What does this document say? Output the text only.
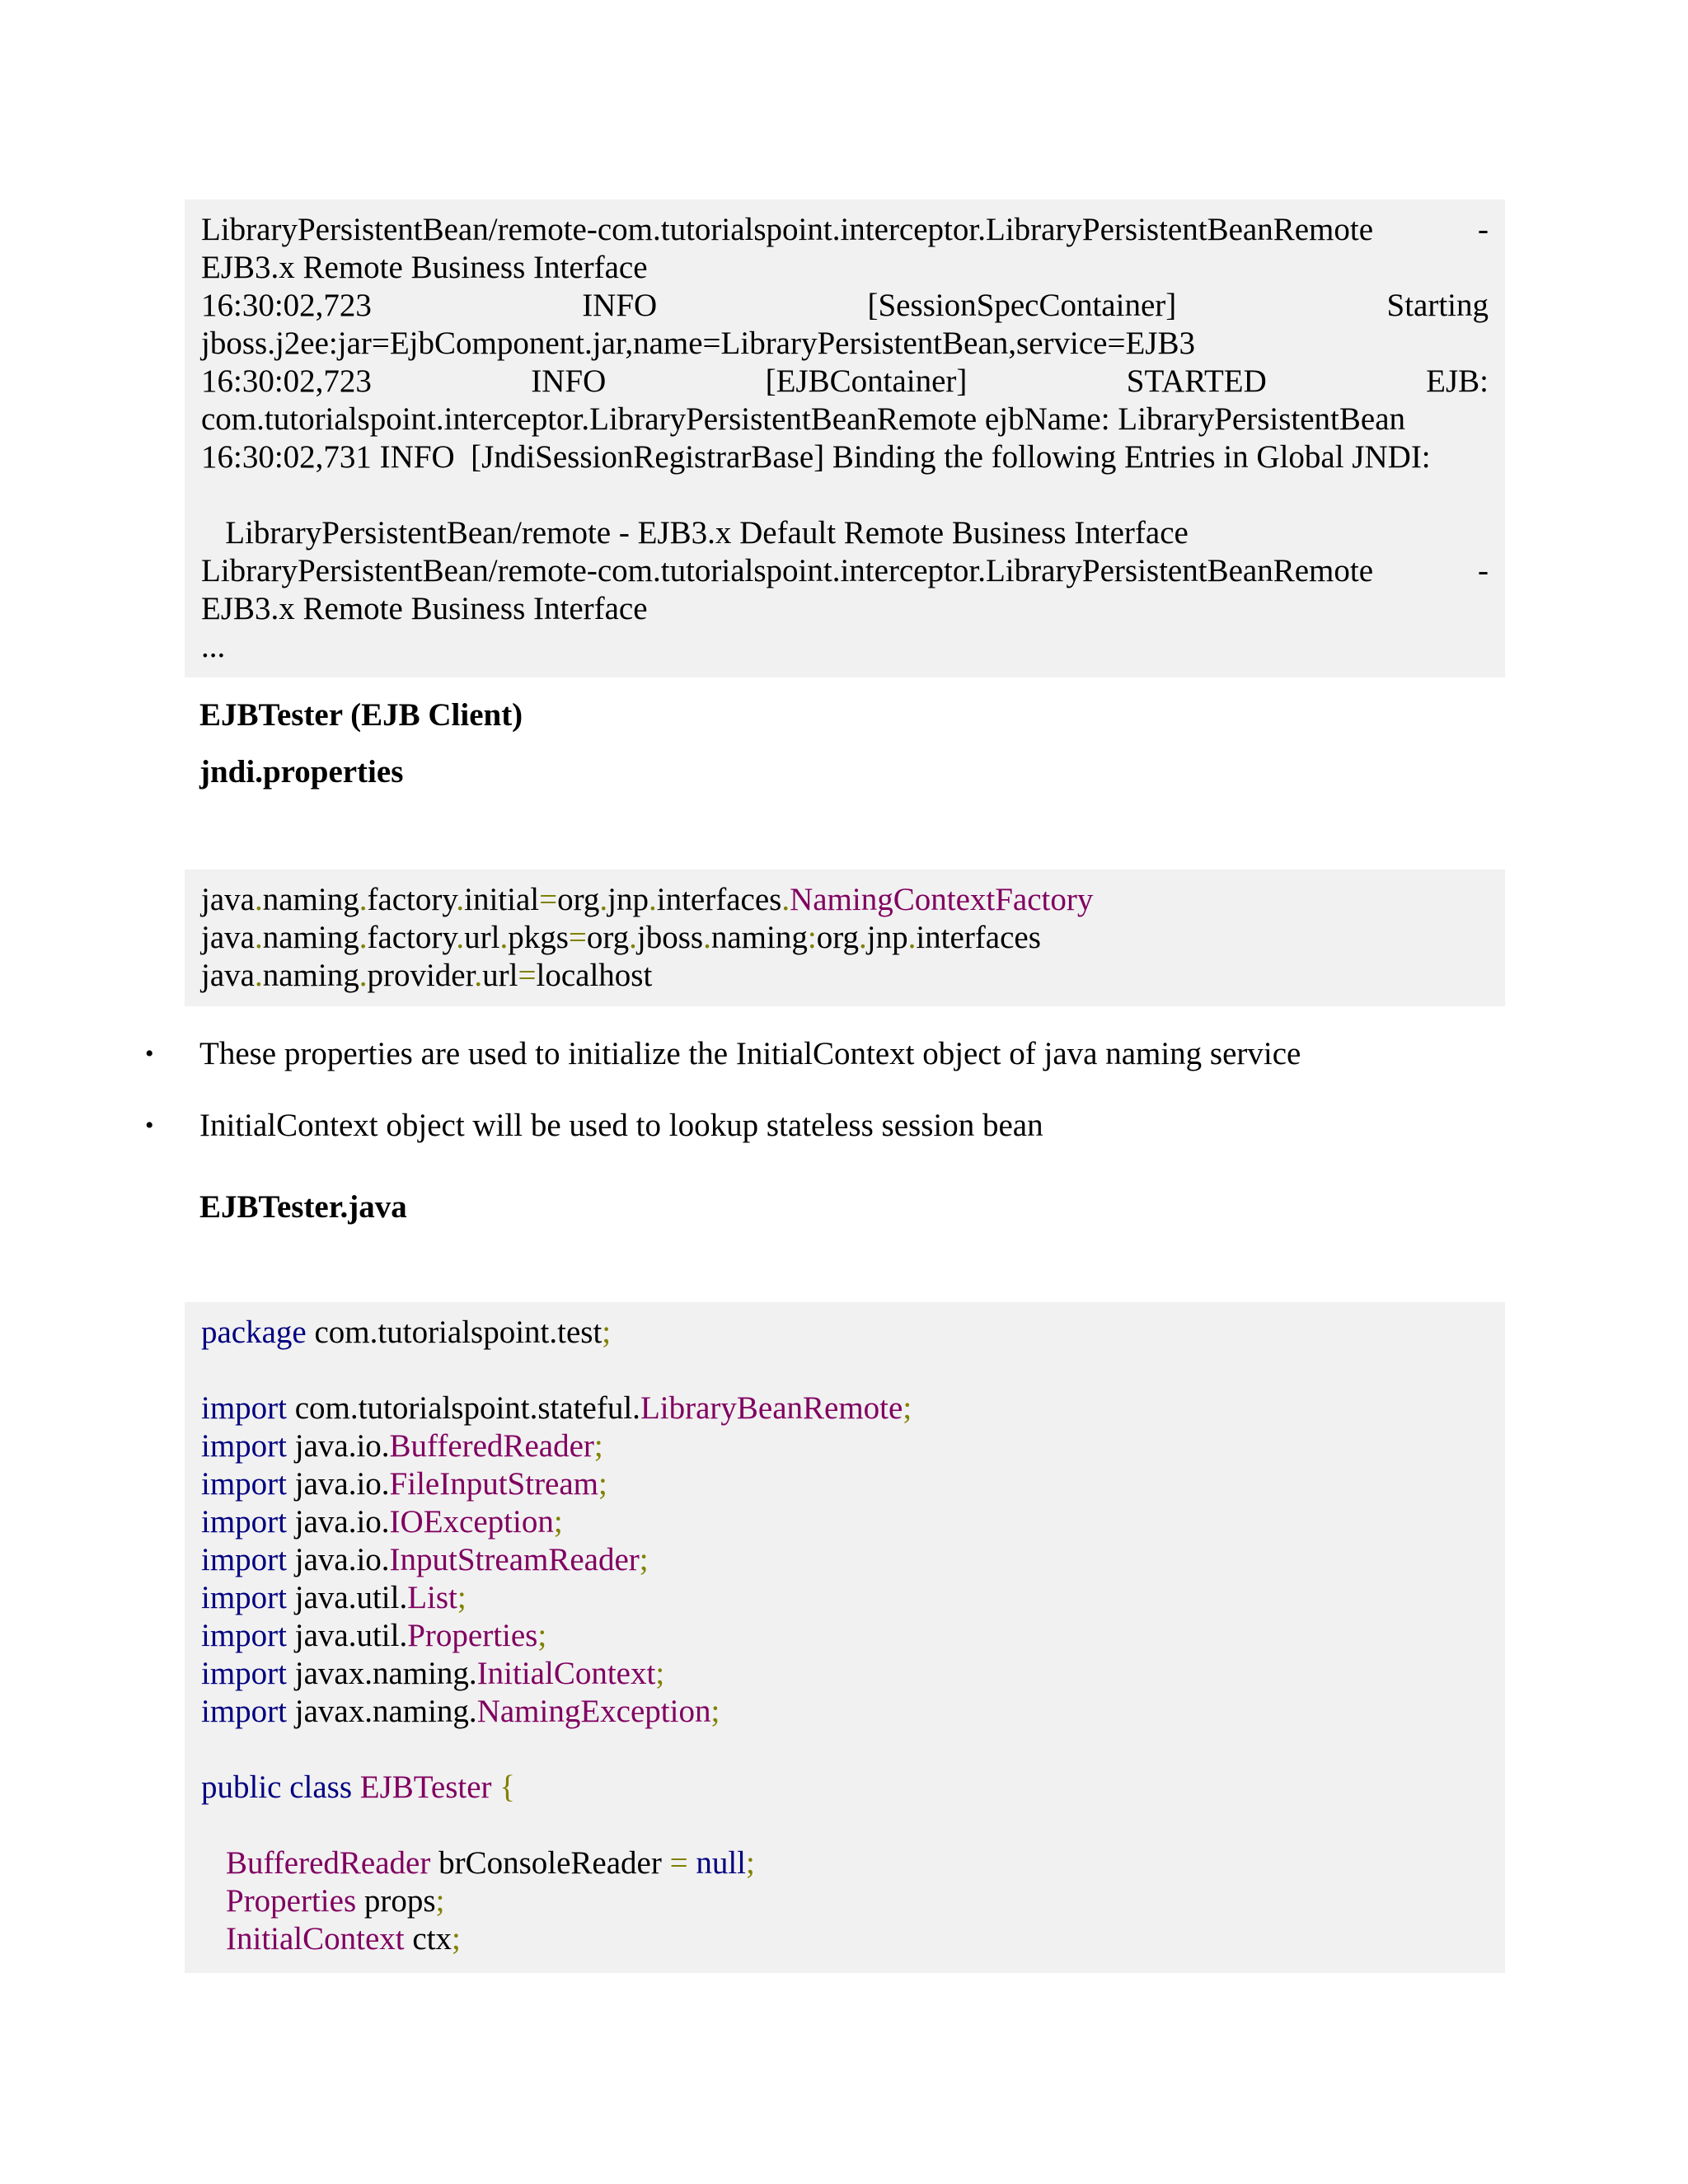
LibraryPersistentBean/remote-com.tutorialspoint.interceptor.LibraryPersistentBeanRemote	-
EJB3.x Remote Business Interface
16:30:02,723	INFO	[SessionSpecContainer]	Starting
jboss.j2ee:jar=EjbComponent.jar,name=LibraryPersistentBean,service=EJB3
16:30:02,723	INFO	[EJBContainer]	STARTED	EJB:
com.tutorialspoint.interceptor.LibraryPersistentBeanRemote ejbName: LibraryPersistentBean
16:30:02,731 INFO  [JndiSessionRegistrarBase] Binding the following Entries in Global JNDI:
LibraryPersistentBean/remote - EJB3.x Default Remote Business Interface
LibraryPersistentBean/remote-com.tutorialspoint.interceptor.LibraryPersistentBeanRemote	-
EJB3.x Remote Business Interface
...
EJBTester (EJB Client)
jndi.properties
java.naming.factory.initial=org.jnp.interfaces.NamingContextFactory
java.naming.factory.url.pkgs=org.jboss.naming:org.jnp.interfaces
java.naming.provider.url=localhost
• These properties are used to initialize the InitialContext object of java naming service
• InitialContext object will be used to lookup stateless session bean
EJBTester.java
package com.tutorialspoint.test;
import com.tutorialspoint.stateful.LibraryBeanRemote;
import java.io.BufferedReader;
import java.io.FileInputStream;
import java.io.IOException;
import java.io.InputStreamReader;
import java.util.List;
import java.util.Properties;
import javax.naming.InitialContext;
import javax.naming.NamingException;
public class EJBTester {
BufferedReader brConsoleReader = null;
Properties props;
InitialContext ctx;
